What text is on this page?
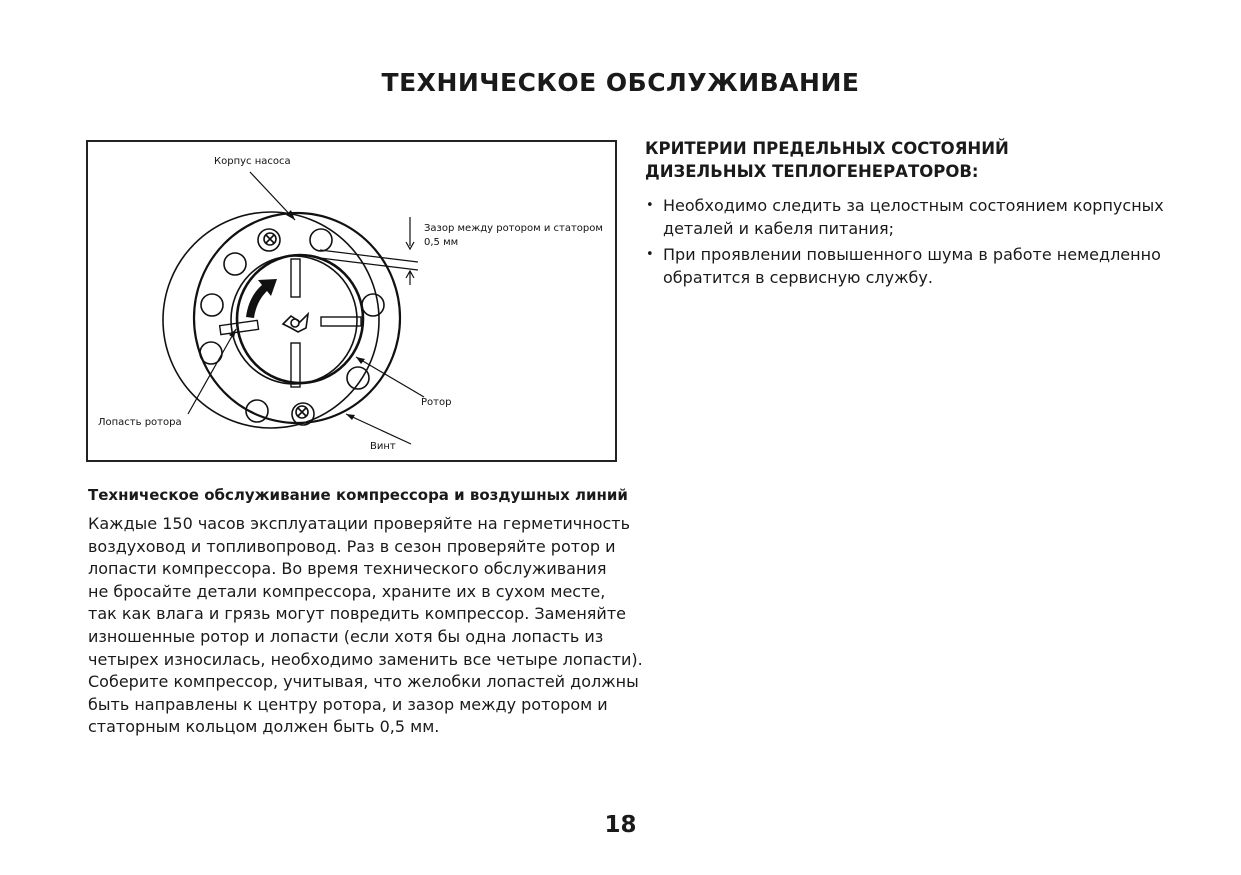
ТЕХНИЧЕСКОЕ ОБСЛУЖИВАНИЕ
Корпус насоса
Зазор между ротором и статором
0,5 мм
Ротор
Лопасть ротора
Винт
Техническое обслуживание компрессора и воздушных линий
Каждые 150 часов эксплуатации проверяйте на герметичность
воздуховод и топливопровод. Раз в сезон проверяйте ротор и
лопасти компрессора. Во время технического обслуживания
не бросайте детали компрессора, храните их в сухом месте,
так как влага и грязь могут повредить компрессор. Заменяйте
изношенные ротор и лопасти (если хотя бы одна лопасть из
четырех износилась, необходимо заменить все четыре лопасти).
Соберите компрессор, учитывая, что желобки лопастей должны
быть направлены к центру ротора, и зазор между ротором и
статорным кольцом должен быть 0,5 мм.
КРИТЕРИИ ПРЕДЕЛЬНЫХ СОСТОЯНИЙ
ДИЗЕЛЬНЫХ ТЕПЛОГЕНЕРАТОРОВ:
• Необходимо следить за целостным состоянием корпусных
деталей и кабеля питания;
• При проявлении повышенного шума в работе немедленно
обратится в сервисную службу.
18
